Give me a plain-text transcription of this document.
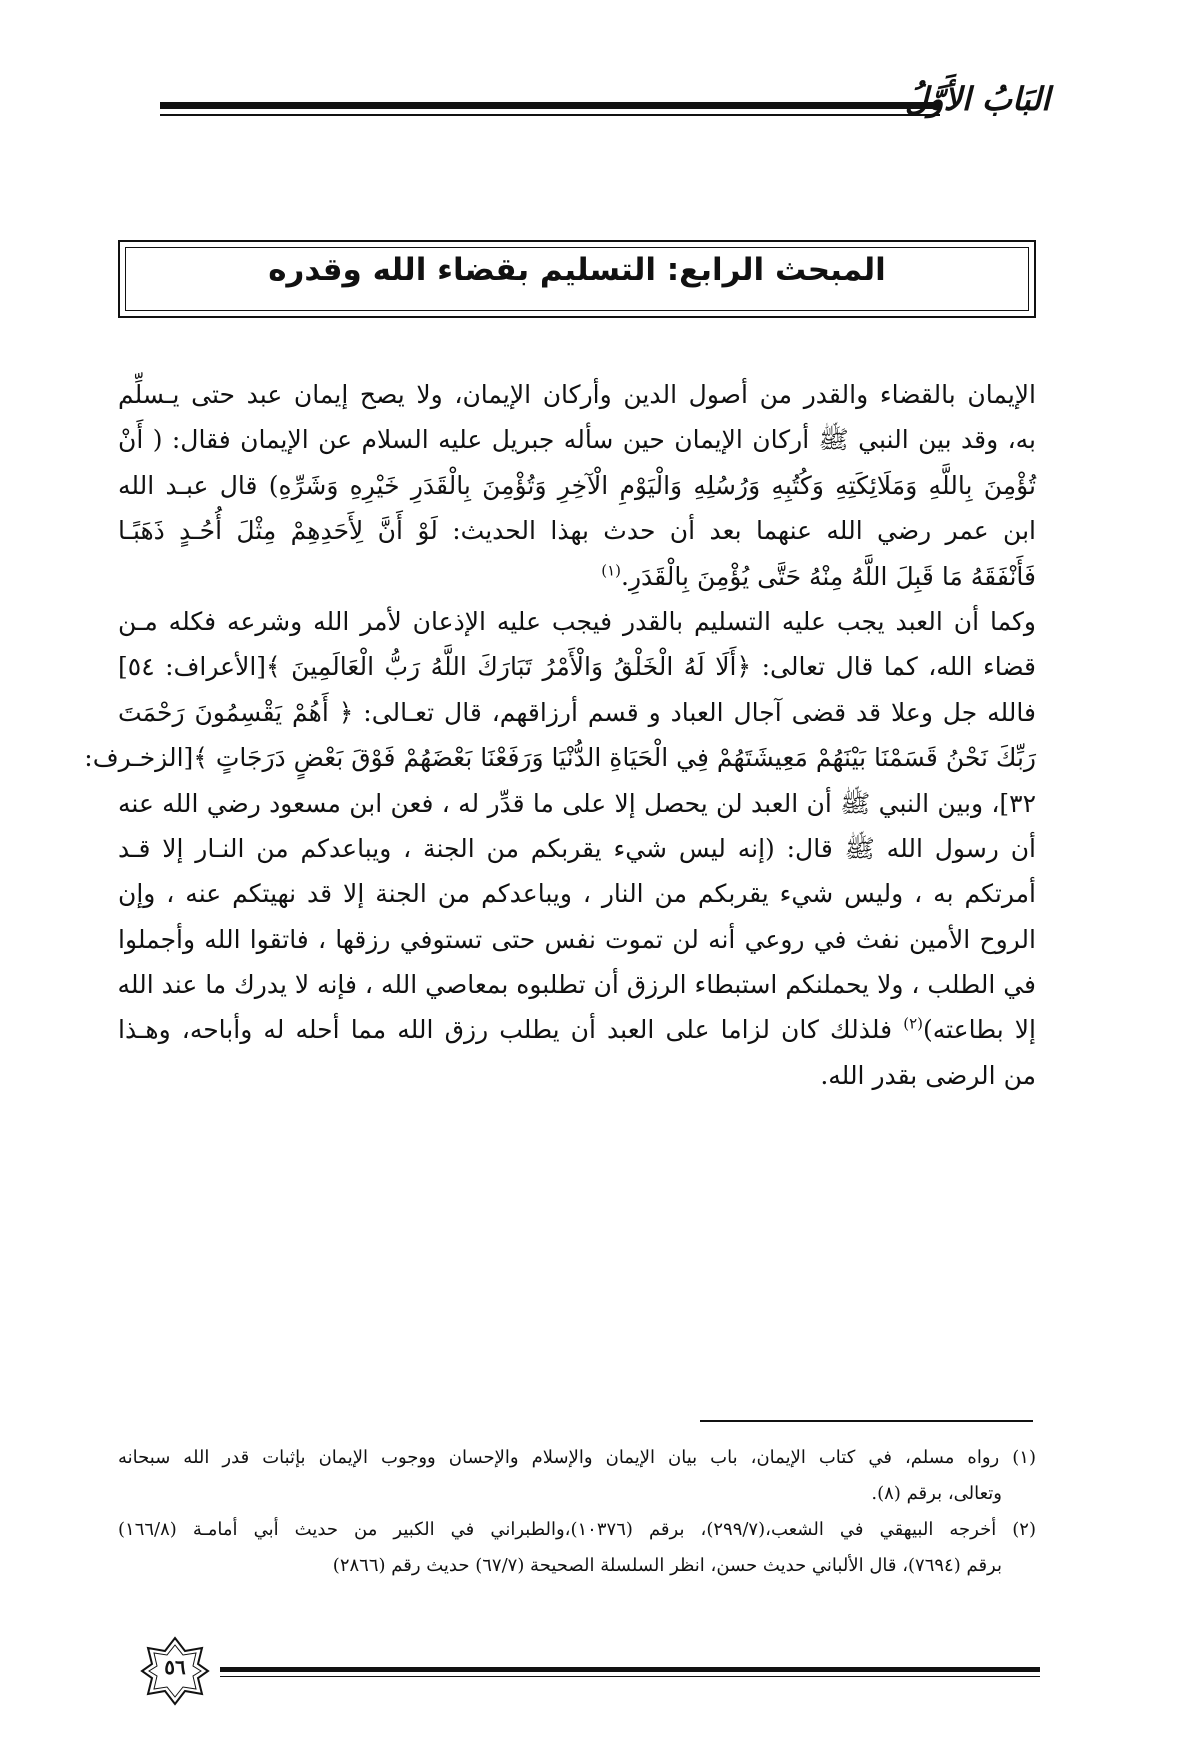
البَابُ الأَوَّلُ
المبحث الرابع: التسليم بقضاء الله وقدره
الإيمان بالقضاء والقدر من أصول الدين وأركان الإيمان، ولا يصح إيمان عبد حتى يـسلِّم
به، وقد بين النبي ﷺ أركان الإيمان حين سأله جبريل عليه السلام عن الإيمان فقال: ( أَنْ
تُؤْمِنَ بِاللَّهِ وَمَلَائِكَتِهِ وَكُتُبِهِ وَرُسُلِهِ وَالْيَوْمِ الْآخِرِ وَتُؤْمِنَ بِالْقَدَرِ خَيْرِهِ وَشَرِّهِ) قال عبـد الله
ابن عمر رضي الله عنهما بعد أن حدث بهذا الحديث: لَوْ أَنَّ لِأَحَدِهِمْ مِثْلَ أُحُـدٍ ذَهَبًـا
فَأَنْفَقَهُ مَا قَبِلَ اللَّهُ مِنْهُ حَتَّى يُؤْمِنَ بِالْقَدَرِ.$^{(١)}$
وكما أن العبد يجب عليه التسليم بالقدر فيجب عليه الإذعان لأمر الله وشرعه فكله مـن
قضاء الله، كما قال تعالى: ﴿أَلَا لَهُ الْخَلْقُ وَالْأَمْرُ تَبَارَكَ اللَّهُ رَبُّ الْعَالَمِينَ ﴾[الأعراف: ٥٤]
فالله جل وعلا قد قضى آجال العباد و قسم أرزاقهم، قال تعـالى: ﴿ أَهُمْ يَقْسِمُونَ رَحْمَتَ
رَبِّكَ نَحْنُ قَسَمْنَا بَيْنَهُمْ مَعِيشَتَهُمْ فِي الْحَيَاةِ الدُّنْيَا وَرَفَعْنَا بَعْضَهُمْ فَوْقَ بَعْضٍ دَرَجَاتٍ ﴾[الزخـرف:
٣٢]، وبين النبي ﷺ أن العبد لن يحصل إلا على ما قدِّر له ، فعن ابن مسعود رضي الله عنه
أن رسول الله ﷺ قال: (إنه ليس شيء يقربكم من الجنة ، ويباعدكم من النـار إلا قـد
أمرتكم به ، وليس شيء يقربكم من النار ، ويباعدكم من الجنة إلا قد نهيتكم عنه ، وإن
الروح الأمين نفث في روعي أنه لن تموت نفس حتى تستوفي رزقها ، فاتقوا الله وأجملوا
في الطلب ، ولا يحملنكم استبطاء الرزق أن تطلبوه بمعاصي الله ، فإنه لا يدرك ما عند الله
إلا بطاعته)$^{(٢)}$ فلذلك كان لزاما على العبد أن يطلب رزق الله مما أحله له وأباحه، وهـذا
من الرضى بقدر الله.
(١) رواه مسلم، في كتاب الإيمان، باب بيان الإيمان والإسلام والإحسان ووجوب الإيمان بإثبات قدر الله سبحانه
وتعالى، برقم (٨).
(٢) أخرجه البيهقي في الشعب،(٢٩٩/٧)، برقم (١٠٣٧٦)،والطبراني في الكبير من حديث أبي أمامـة (١٦٦/٨)
برقم (٧٦٩٤)، قال الألباني حديث حسن، انظر السلسلة الصحيحة (٦٧/٧) حديث رقم (٢٨٦٦)
٥٦
